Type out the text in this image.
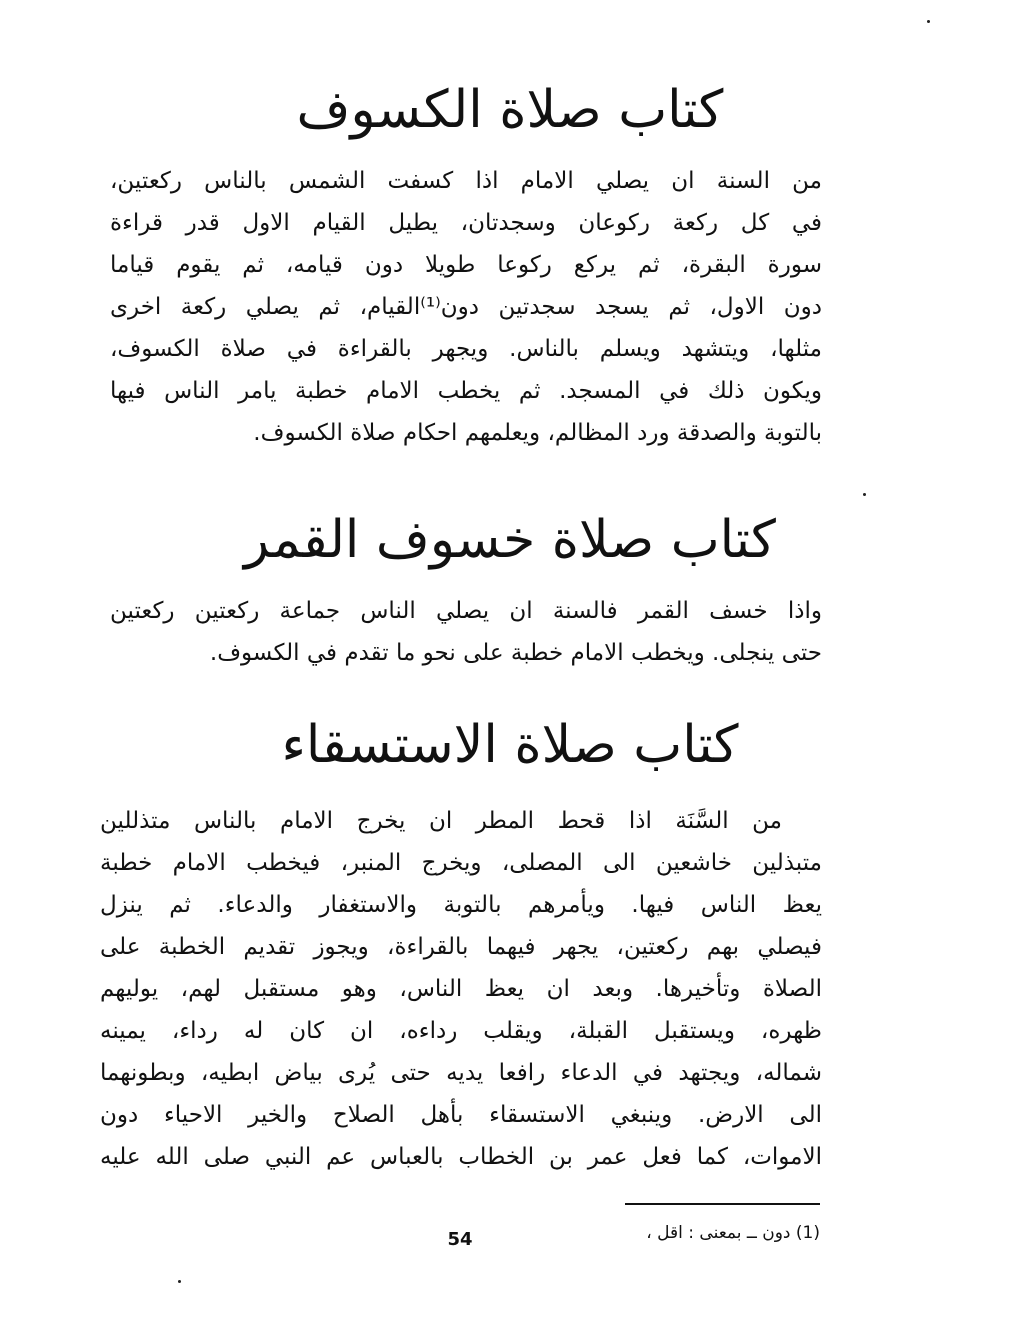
كتاب صلاة الكسوف
من السنة ان يصلي الامام اذا كسفت الشمس بالناس ركعتين،
في كل ركعة ركوعان وسجدتان، يطيل القيام الاول قدر قراءة
سورة البقرة، ثم يركع ركوعا طويلا دون قيامه، ثم يقوم قياما
دون الاول، ثم يسجد سجدتين دون⁽¹⁾القيام، ثم يصلي ركعة اخرى
مثلها، ويتشهد ويسلم بالناس. ويجهر بالقراءة في صلاة الكسوف،
ويكون ذلك في المسجد. ثم يخطب الامام خطبة يامر الناس فيها
بالتوبة والصدقة ورد المظالم، ويعلمهم احكام صلاة الكسوف.
كتاب صلاة خسوف القمر
واذا خسف القمر فالسنة ان يصلي الناس جماعة ركعتين ركعتين
حتى ينجلى. ويخطب الامام خطبة على نحو ما تقدم في الكسوف.
كتاب صلاة الاستسقاء
من السَّنَة اذا قحط المطر ان يخرج الامام بالناس متذللين
متبذلين خاشعين الى المصلى، ويخرج المنبر، فيخطب الامام خطبة
يعظ الناس فيها. ويأمرهم بالتوبة والاستغفار والدعاء. ثم ينزل
فيصلي بهم ركعتين، يجهر فيهما بالقراءة، ويجوز تقديم الخطبة على
الصلاة وتأخيرها. وبعد ان يعظ الناس، وهو مستقبل لهم، يوليهم
ظهره، ويستقبل القبلة، ويقلب رداءه، ان كان له رداء، يمينه
شماله، ويجتهد في الدعاء رافعا يديه حتى يُرى بياض ابطيه، وبطونهما
الى الارض. وينبغي الاستسقاء بأهل الصلاح والخير الاحياء دون
الاموات، كما فعل عمر بن الخطاب بالعباس عم النبي صلى الله عليه
(1) دون ــ بمعنى : اقل ،
54
